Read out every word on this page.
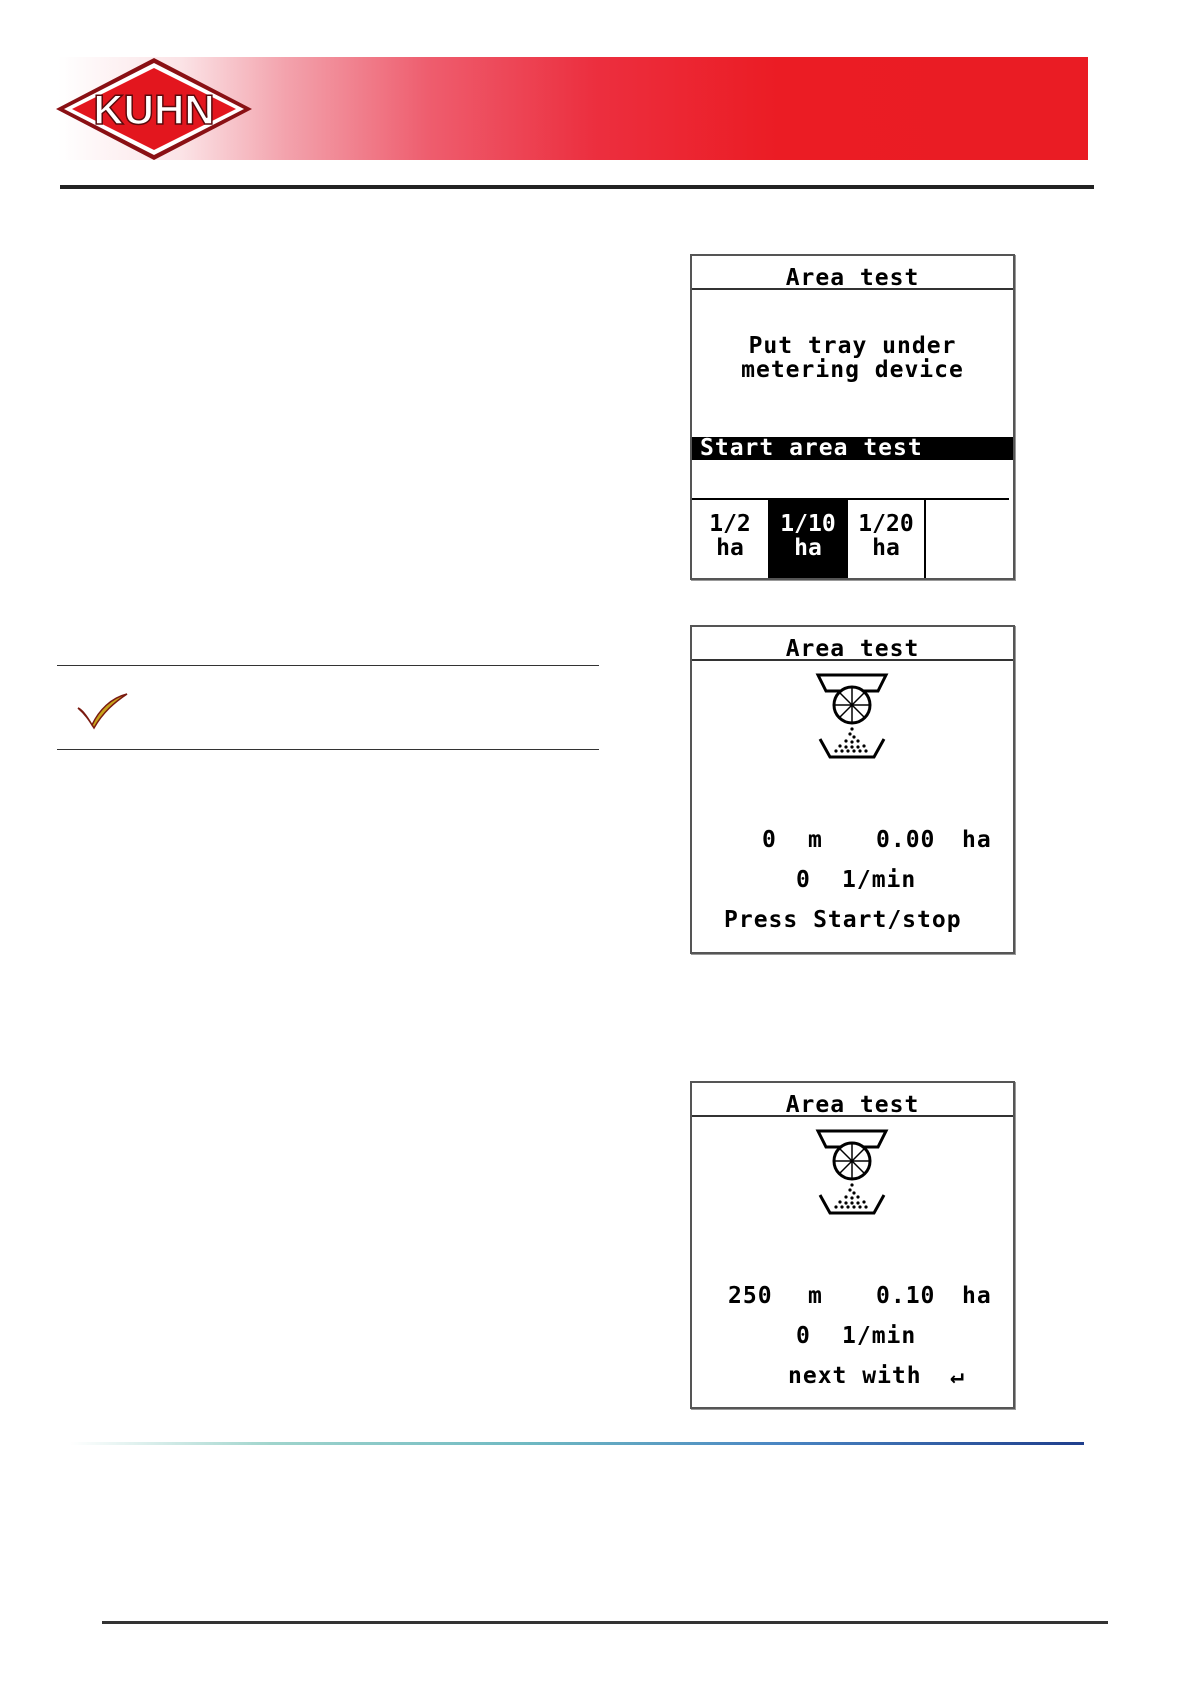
KUHN
Area test
Put tray under
metering device
Start area test
1/2
ha
1/10
ha
1/20
ha
Area test
0 m 0.00 ha
0 1/min
Press Start/stop
Area test
250 m 0.10 ha
0 1/min
next with ↵
